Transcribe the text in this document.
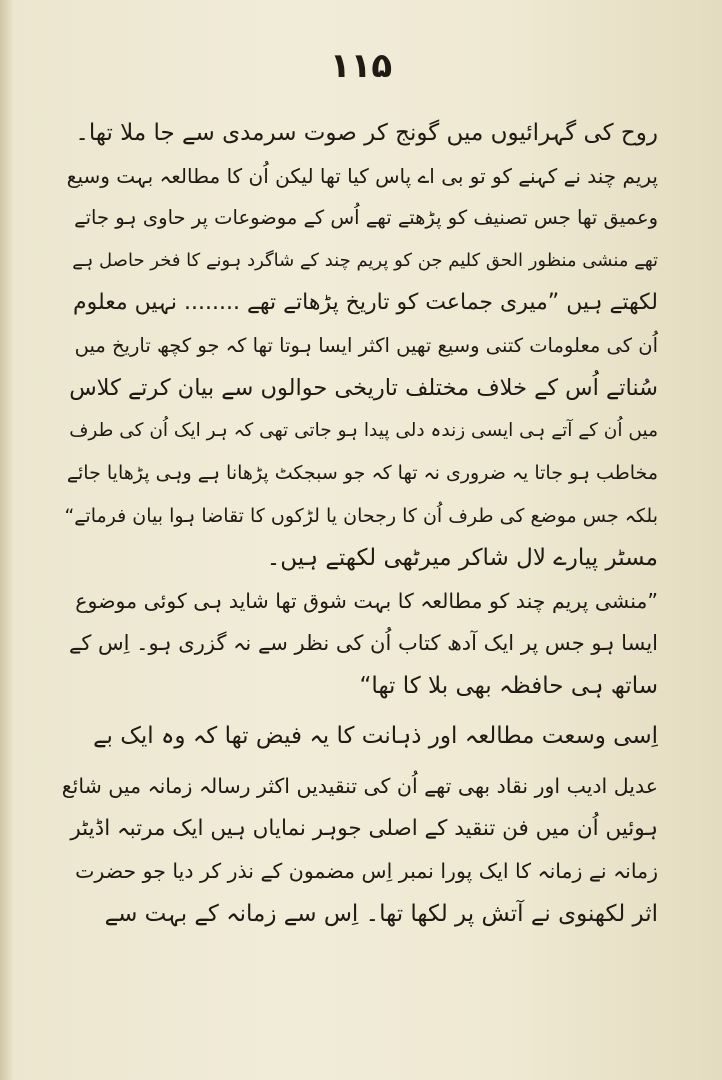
۱۱۵
روح کی گہرائیوں میں گونج کر صوت سرمدی سے جا ملا تھا۔
پریم چند نے کہنے کو تو بی اے پاس کیا تھا لیکن اُن کا مطالعہ بہت وسیع
وعمیق تھا جس تصنیف کو پڑھتے تھے اُس کے موضوعات پر حاوی ہو جاتے
تھے منشی منظور الحق کلیم جن کو پریم چند کے شاگرد ہونے کا فخر حاصل ہے
لکھتے ہیں ”میری جماعت کو تاریخ پڑھاتے تھے ........ نہیں معلوم
اُن کی معلومات کتنی وسیع تھیں اکثر ایسا ہوتا تھا کہ جو کچھ تاریخ میں
سُناتے اُس کے خلاف مختلف تاریخی حوالوں سے بیان کرتے کلاس
میں اُن کے آتے ہی ایسی زندہ دلی پیدا ہو جاتی تھی کہ ہر ایک اُن کی طرف
مخاطب ہو جاتا یہ ضروری نہ تھا کہ جو سبجکٹ پڑھانا ہے وہی پڑھایا جائے
بلکہ جس موضع کی طرف اُن کا رجحان یا لڑکوں کا تقاضا ہوا بیان فرماتے“
مسٹر پیارے لال شاکر میرٹھی لکھتے ہیں۔
”منشی پریم چند کو مطالعہ کا بہت شوق تھا شاید ہی کوئی موضوع
ایسا ہو جس پر ایک آدھ کتاب اُن کی نظر سے نہ گزری ہو۔ اِس کے
ساتھ ہی حافظہ بھی بلا کا تھا“
اِسی وسعت مطالعہ اور ذہانت کا یہ فیض تھا کہ وہ ایک بے
عدیل ادیب اور نقاد بھی تھے اُن کی تنقیدیں اکثر رسالہ زمانہ میں شائع
ہوئیں اُن میں فن تنقید کے اصلی جوہر نمایاں ہیں ایک مرتبہ اڈیٹر
زمانہ نے زمانہ کا ایک پورا نمبر اِس مضمون کے نذر کر دیا جو حضرت
اثر لکھنوی نے آتش پر لکھا تھا۔ اِس سے زمانہ کے بہت سے
